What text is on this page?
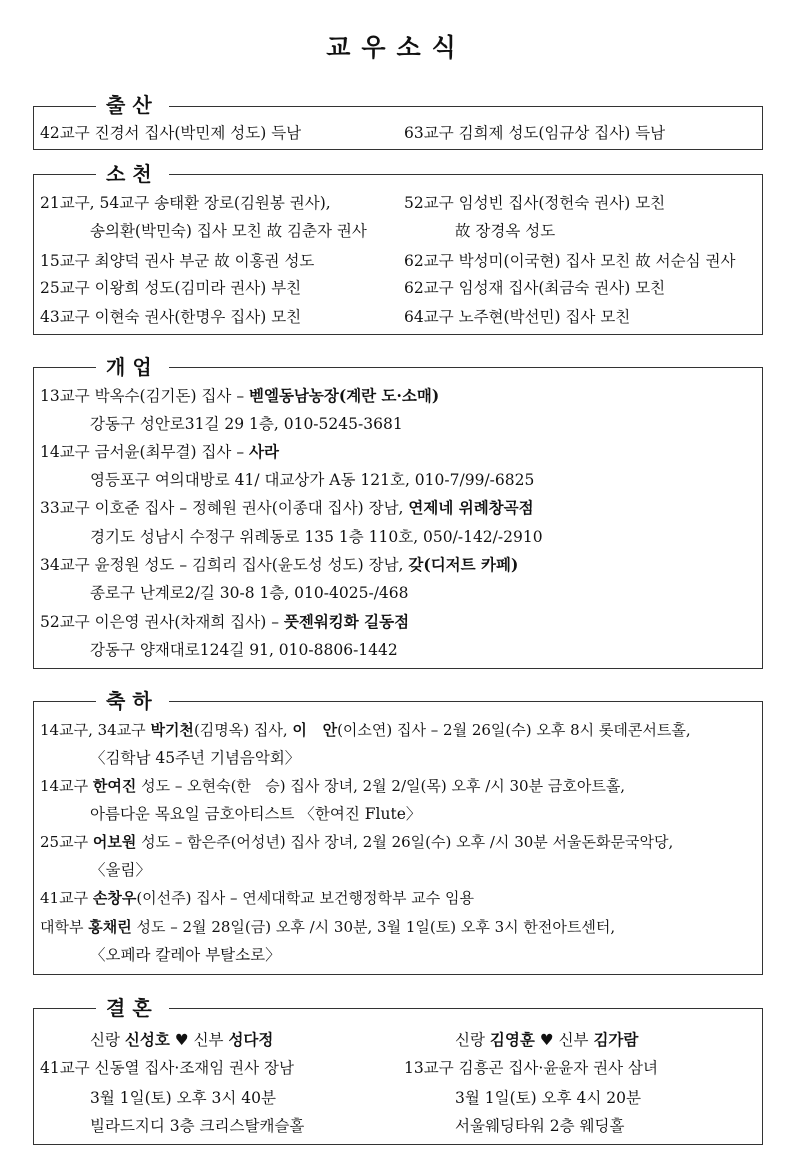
교우소식
출산
42교구 진경서 집사(박민제 성도) 득남	63교구 김희제 성도(임규상 집사) 득남
소천
21교구, 54교구 송태환 장로(김원봉 권사),
송의환(박민숙) 집사 모친 故 김춘자 권사
15교구 최양덕 권사 부군 故 이홍권 성도
25교구 이왕희 성도(김미라 권사) 부친
43교구 이현숙 권사(한명우 집사) 모친
52교구 임성빈 집사(정헌숙 권사) 모친
故 장경옥 성도
62교구 박성미(이국현) 집사 모친 故 서순심 권사
62교구 임성재 집사(최금숙 권사) 모친
64교구 노주현(박선민) 집사 모친
개업
13교구 박옥수(김기돈) 집사 – 벧엘동남농장(계란 도·소매)
강동구 성안로31길 29 1층, 010-5245-3681
14교구 금서윤(최무결) 집사 – 사라
영등포구 여의대방로 41/ 대교상가 A동 121호, 010-7/99/-6825
33교구 이호준 집사 – 정혜원 권사(이종대 집사) 장남, 연제네 위례창곡점
경기도 성남시 수정구 위례동로 135 1층 110호, 050/-142/-2910
34교구 윤정원 성도 – 김희리 집사(윤도성 성도) 장남, 갖(디저트 카페)
종로구 난계로2/길 30-8 1층, 010-4025-/468
52교구 이은영 권사(차재희 집사) – 풋젠워킹화 길동점
강동구 양재대로124길 91, 010-8806-1442
축하
14교구, 34교구 박기천(김명옥) 집사, 이   안(이소연) 집사 – 2월 26일(수) 오후 8시 롯데콘서트홀,
〈김학남 45주년 기념음악회〉
14교구 한여진 성도 – 오현숙(한   승) 집사 장녀, 2월 2/일(목) 오후 /시 30분 금호아트홀,
아름다운 목요일 금호아티스트 〈한여진 Flute〉
25교구 어보원 성도 – 함은주(어성년) 집사 장녀, 2월 26일(수) 오후 /시 30분 서울돈화문국악당,
〈울림〉
41교구 손창우(이선주) 집사 – 연세대학교 보건행정학부 교수 임용
대학부 홍채린 성도 – 2월 28일(금) 오후 /시 30분, 3월 1일(토) 오후 3시 한전아트센터,
〈오페라 칼레아 부탈소로〉
결혼
신랑 신성호 ♥ 신부 성다정
41교구 신동열 집사·조재임 권사 장남
3월 1일(토) 오후 3시 40분
빌라드지디 3층 크리스탈캐슬홀
신랑 김영훈 ♥ 신부 김가람
13교구 김흥곤 집사·윤윤자 권사 삼녀
3월 1일(토) 오후 4시 20분
서울웨딩타워 2층 웨딩홀
